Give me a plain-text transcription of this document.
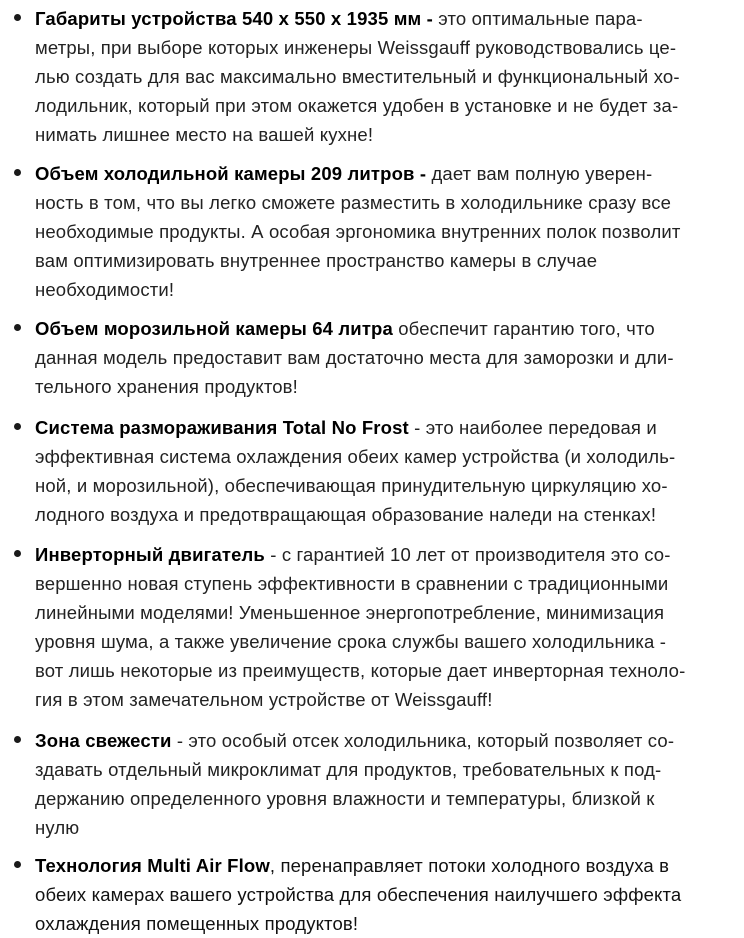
Габариты устройства 540 х 550 х 1935 мм - это оптимальные пара-
метры, при выборе которых инженеры Weissgauff руководствовались це-
лью создать для вас максимально вместительный и функциональный хо-
лодильник, который при этом окажется удобен в установке и не будет за-
нимать лишнее место на вашей кухне!
Объем холодильной камеры 209 литров - дает вам полную уверен-
ность в том, что вы легко сможете разместить в холодильнике сразу все
необходимые продукты. А особая эргономика внутренних полок позволит
вам оптимизировать внутреннее пространство камеры в случае
необходимости!
Объем морозильной камеры 64 литра обеспечит гарантию того, что
данная модель предоставит вам достаточно места для заморозки и дли-
тельного хранения продуктов!
Система размораживания Total No Frost - это наиболее передовая и
эффективная система охлаждения обеих камер устройства (и холодиль-
ной, и морозильной), обеспечивающая принудительную циркуляцию хо-
лодного воздуха и предотвращающая образование наледи на стенках!
Инверторный двигатель - с гарантией 10 лет от производителя это со-
вершенно новая ступень эффективности в сравнении с традиционными
линейными моделями! Уменьшенное энергопотребление, минимизация
уровня шума, а также увеличение срока службы вашего холодильника -
вот лишь некоторые из преимуществ, которые дает инверторная техноло-
гия в этом замечательном устройстве от Weissgauff!
Зона свежести - это особый отсек холодильника, который позволяет со-
здавать отдельный микроклимат для продуктов, требовательных к под-
держанию определенного уровня влажности и температуры, близкой к
нулю
Технология Multi Air Flow, перенаправляет потоки холодного воздуха в
обеих камерах вашего устройства для обеспечения наилучшего эффекта
охлаждения помещенных продуктов!
